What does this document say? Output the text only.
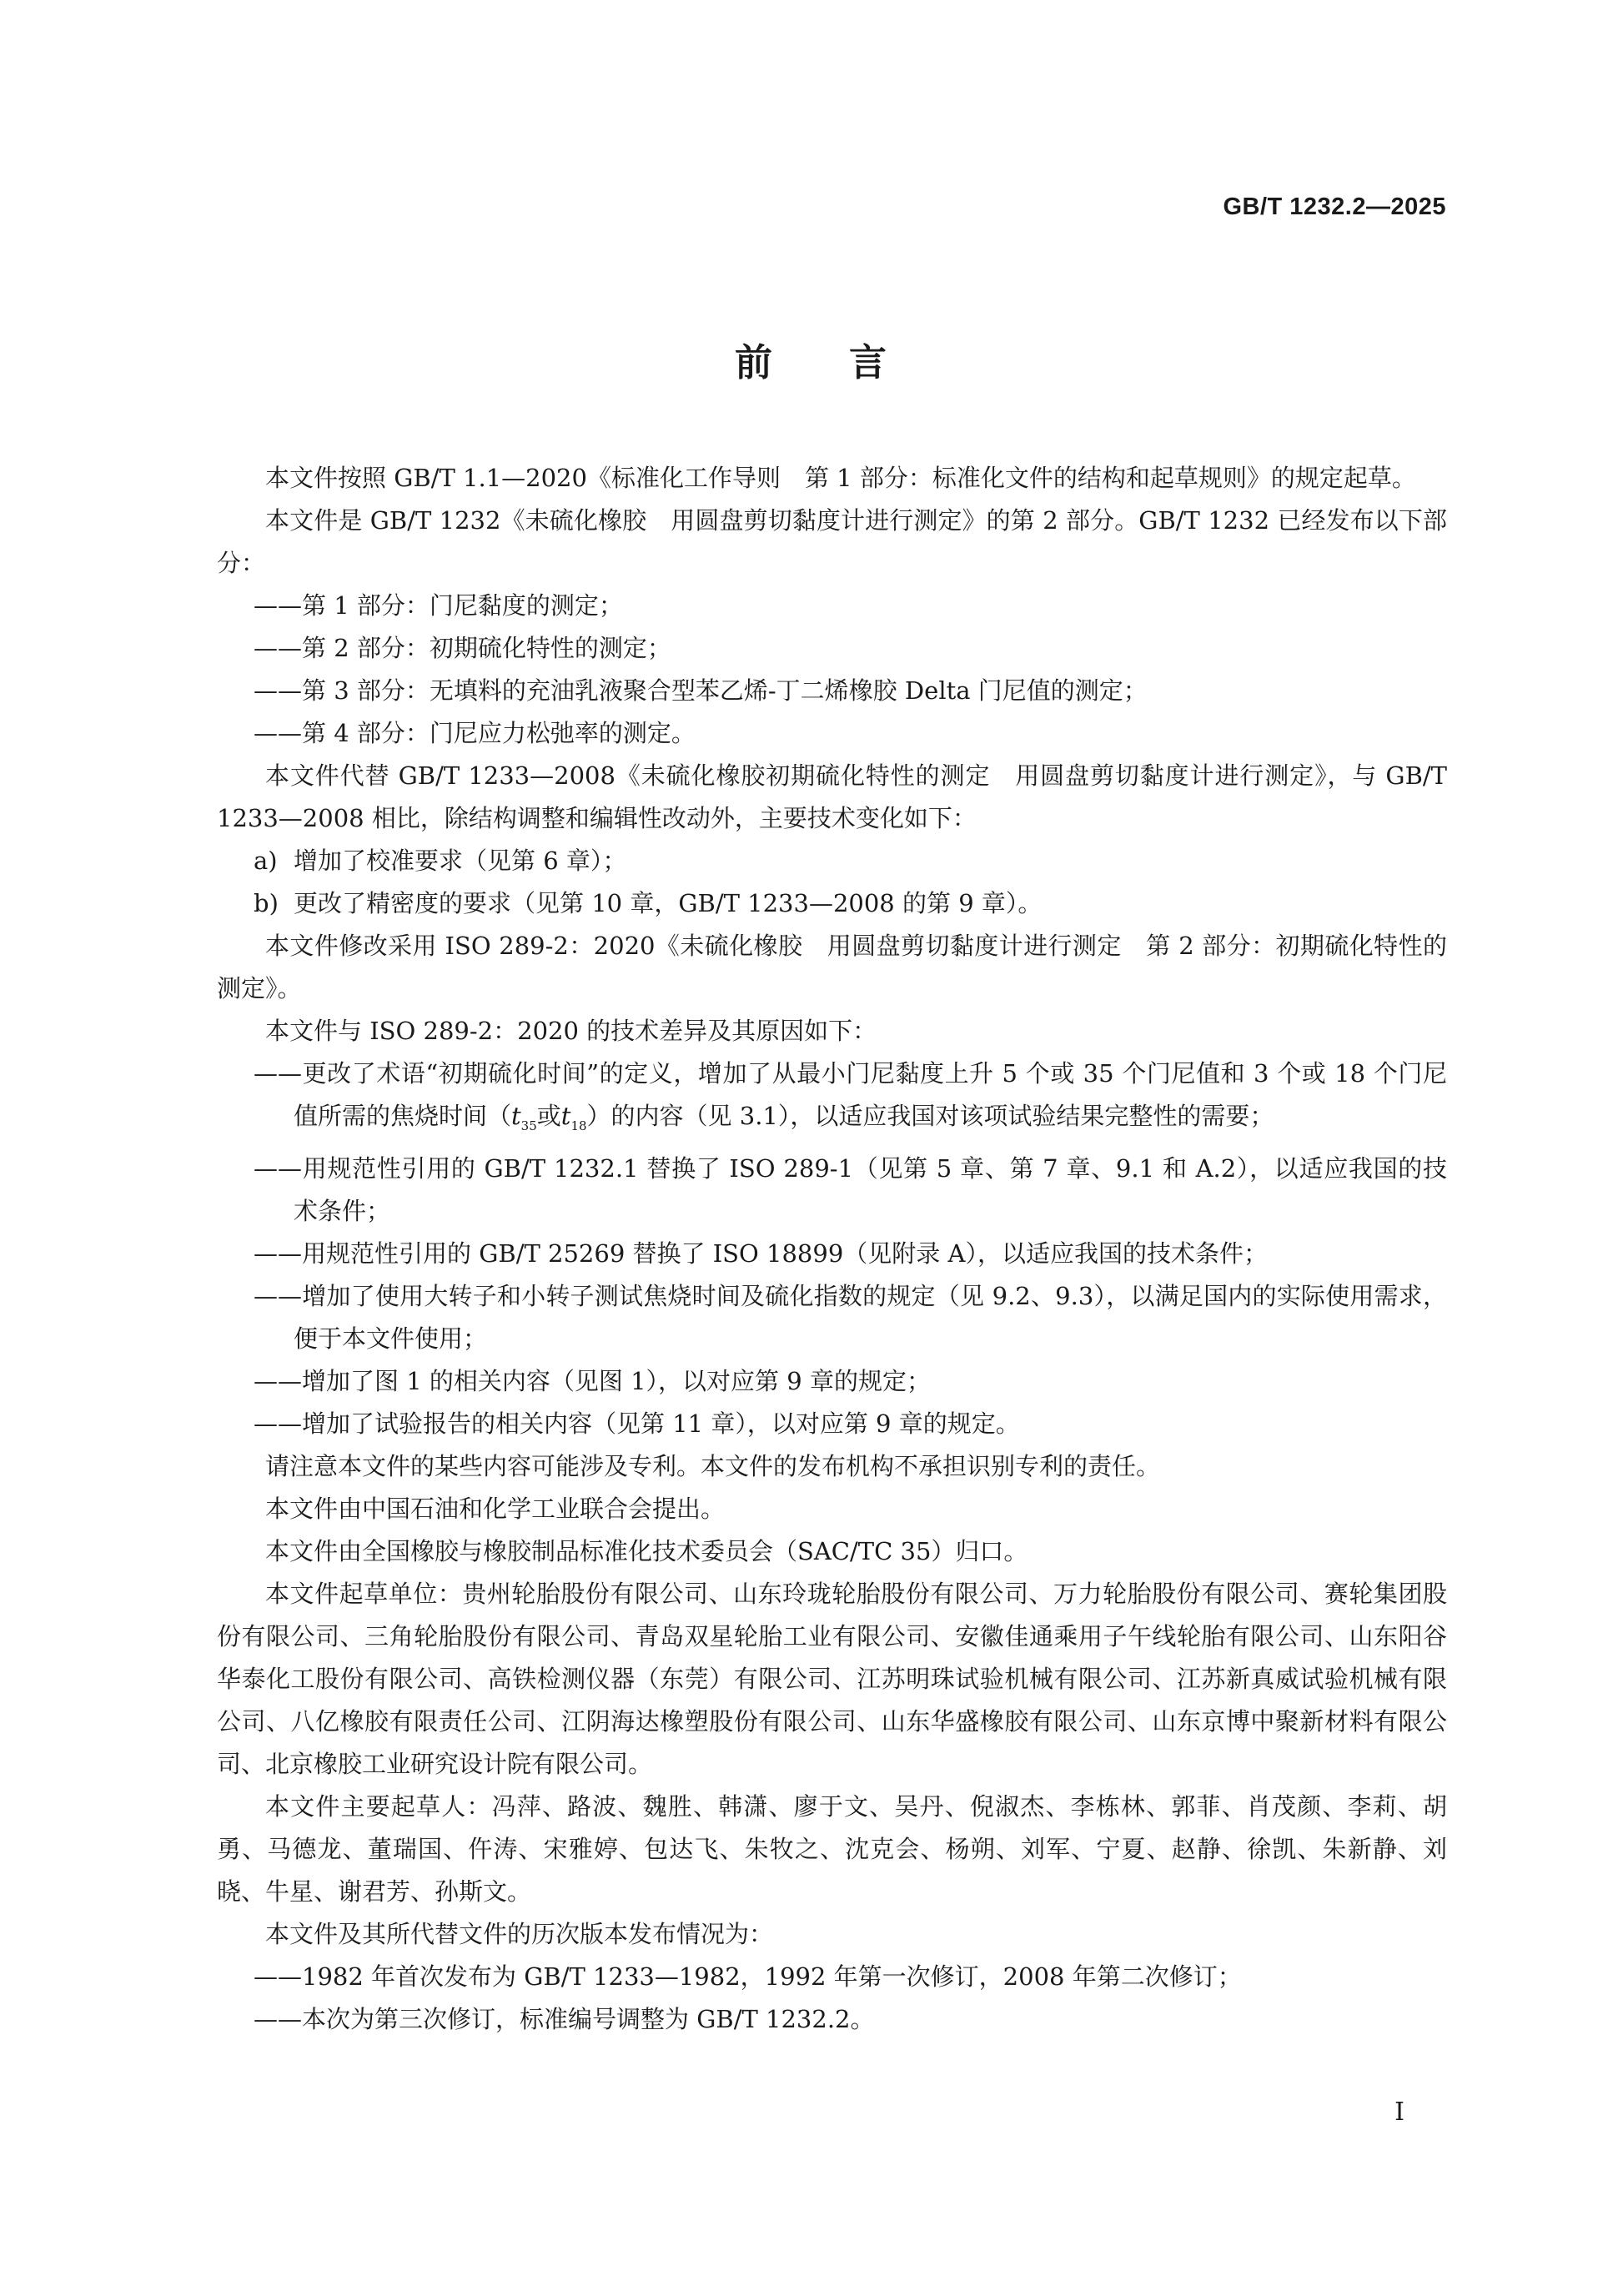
GB/T 1232.2—2025
前 言

本文件按照 GB/T 1.1—2020《标准化工作导则　第 1 部分：标准化文件的结构和起草规则》的规定起草。

本文件是 GB/T 1232《未硫化橡胶　用圆盘剪切黏度计进行测定》的第 2 部分。GB/T 1232 已经发布以下部分：

——第 1 部分：门尼黏度的测定；

——第 2 部分：初期硫化特性的测定；

——第 3 部分：无填料的充油乳液聚合型苯乙烯-丁二烯橡胶 Delta 门尼值的测定；

——第 4 部分：门尼应力松弛率的测定。

本文件代替 GB/T 1233—2008《未硫化橡胶初期硫化特性的测定　用圆盘剪切黏度计进行测定》，与 GB/T 1233—2008 相比，除结构调整和编辑性改动外，主要技术变化如下：

a) 增加了校准要求（见第 6 章）；

b) 更改了精密度的要求（见第 10 章，GB/T 1233—2008 的第 9 章）。

本文件修改采用 ISO 289-2：2020《未硫化橡胶　用圆盘剪切黏度计进行测定　第 2 部分：初期硫化特性的测定》。

本文件与 ISO 289-2：2020 的技术差异及其原因如下：

——更改了术语“初期硫化时间”的定义，增加了从最小门尼黏度上升 5 个或 35 个门尼值和 3 个或 18 个门尼值所需的焦烧时间（$t_{35}$或$t_{18}$）的内容（见 3.1），以适应我国对该项试验结果完整性的需要；

——用规范性引用的 GB/T 1232.1 替换了 ISO 289-1（见第 5 章、第 7 章、9.1 和 A.2），以适应我国的技术条件；

——用规范性引用的 GB/T 25269 替换了 ISO 18899（见附录 A），以适应我国的技术条件；

——增加了使用大转子和小转子测试焦烧时间及硫化指数的规定（见 9.2、9.3），以满足国内的实际使用需求，便于本文件使用；

——增加了图 1 的相关内容（见图 1），以对应第 9 章的规定；

——增加了试验报告的相关内容（见第 11 章），以对应第 9 章的规定。

请注意本文件的某些内容可能涉及专利。本文件的发布机构不承担识别专利的责任。

本文件由中国石油和化学工业联合会提出。

本文件由全国橡胶与橡胶制品标准化技术委员会（SAC/TC 35）归口。

本文件起草单位：贵州轮胎股份有限公司、山东玲珑轮胎股份有限公司、万力轮胎股份有限公司、赛轮集团股份有限公司、三角轮胎股份有限公司、青岛双星轮胎工业有限公司、安徽佳通乘用子午线轮胎有限公司、山东阳谷华泰化工股份有限公司、高铁检测仪器（东莞）有限公司、江苏明珠试验机械有限公司、江苏新真威试验机械有限公司、八亿橡胶有限责任公司、江阴海达橡塑股份有限公司、山东华盛橡胶有限公司、山东京博中聚新材料有限公司、北京橡胶工业研究设计院有限公司。

本文件主要起草人：冯萍、路波、魏胜、韩潇、廖于文、吴丹、倪淑杰、李栋林、郭菲、肖茂颜、李莉、胡勇、马德龙、董瑞国、仵涛、宋雅婷、包达飞、朱牧之、沈克会、杨朔、刘军、宁夏、赵静、徐凯、朱新静、刘晓、牛星、谢君芳、孙斯文。

本文件及其所代替文件的历次版本发布情况为：

——1982 年首次发布为 GB/T 1233—1982，1992 年第一次修订，2008 年第二次修订；

——本次为第三次修订，标准编号调整为 GB/T 1232.2。

I
